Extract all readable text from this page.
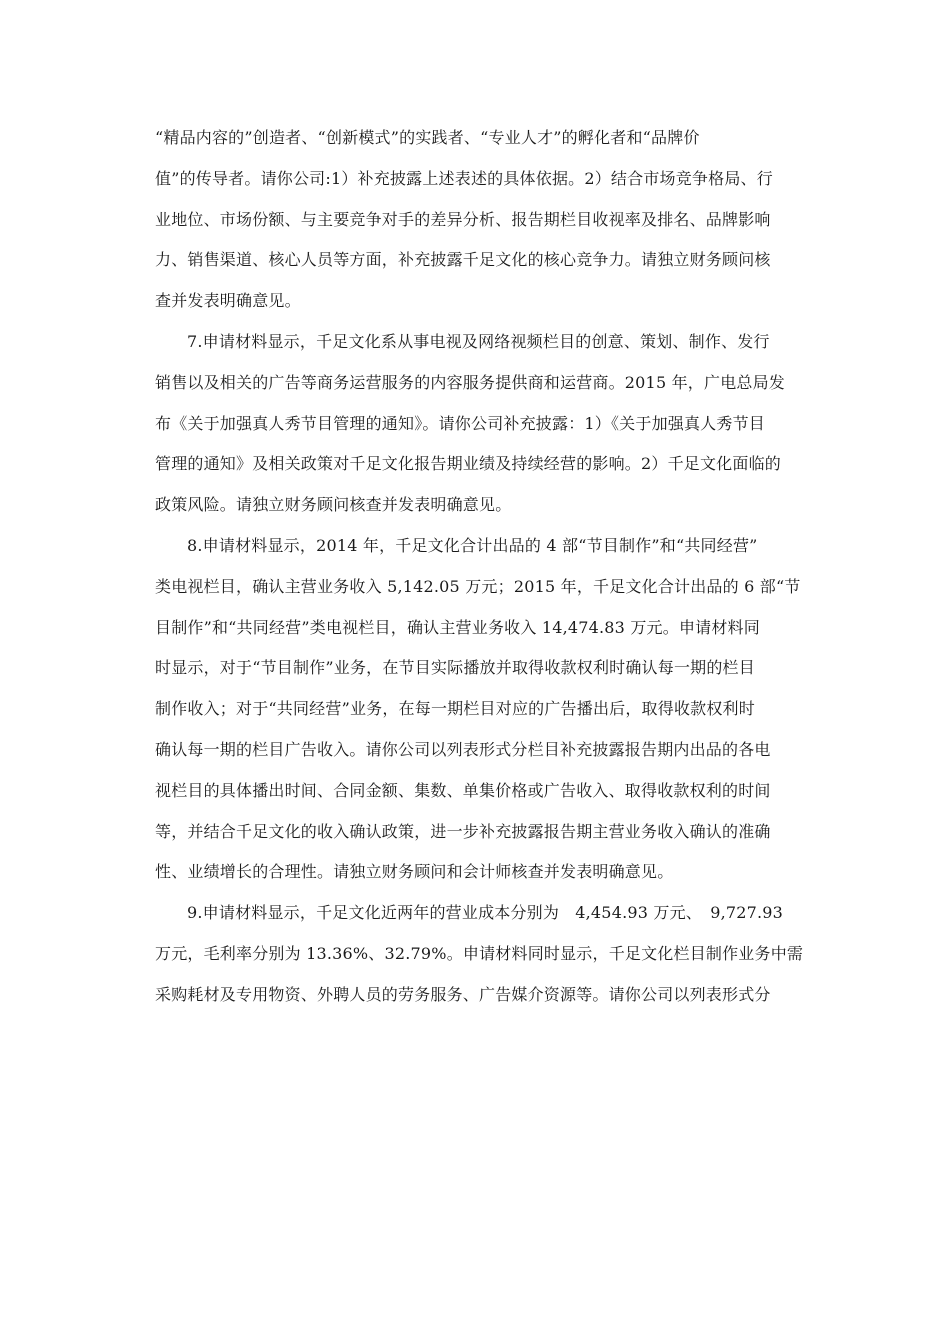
“精品内容的”创造者、“创新模式”的实践者、“专业人才”的孵化者和“品牌价
值”的传导者。请你公司:1）补充披露上述表述的具体依据。2）结合市场竞争格局、行
业地位、市场份额、与主要竞争对手的差异分析、报告期栏目收视率及排名、品牌影响
力、销售渠道、核心人员等方面，补充披露千足文化的核心竞争力。请独立财务顾问核
查并发表明确意见。
7.申请材料显示，千足文化系从事电视及网络视频栏目的创意、策划、制作、发行
销售以及相关的广告等商务运营服务的内容服务提供商和运营商。2015 年，广电总局发
布《关于加强真人秀节目管理的通知》。请你公司补充披露：1）《关于加强真人秀节目
管理的通知》及相关政策对千足文化报告期业绩及持续经营的影响。2）千足文化面临的
政策风险。请独立财务顾问核查并发表明确意见。
8.申请材料显示，2014 年，千足文化合计出品的 4 部“节目制作”和“共同经营”
类电视栏目，确认主营业务收入 5,142.05 万元；2015 年，千足文化合计出品的 6 部“节
目制作”和“共同经营”类电视栏目，确认主营业务收入 14,474.83 万元。申请材料同
时显示，对于“节目制作”业务，在节目实际播放并取得收款权利时确认每一期的栏目
制作收入；对于“共同经营”业务，在每一期栏目对应的广告播出后，取得收款权利时
确认每一期的栏目广告收入。请你公司以列表形式分栏目补充披露报告期内出品的各电
视栏目的具体播出时间、合同金额、集数、单集价格或广告收入、取得收款权利的时间
等，并结合千足文化的收入确认政策，进一步补充披露报告期主营业务收入确认的准确
性、业绩增长的合理性。请独立财务顾问和会计师核查并发表明确意见。
9.申请材料显示，千足文化近两年的营业成本分别为　4,454.93 万元、　9,727.93
万元，毛利率分别为 13.36%、32.79%。申请材料同时显示，千足文化栏目制作业务中需
采购耗材及专用物资、外聘人员的劳务服务、广告媒介资源等。请你公司以列表形式分
